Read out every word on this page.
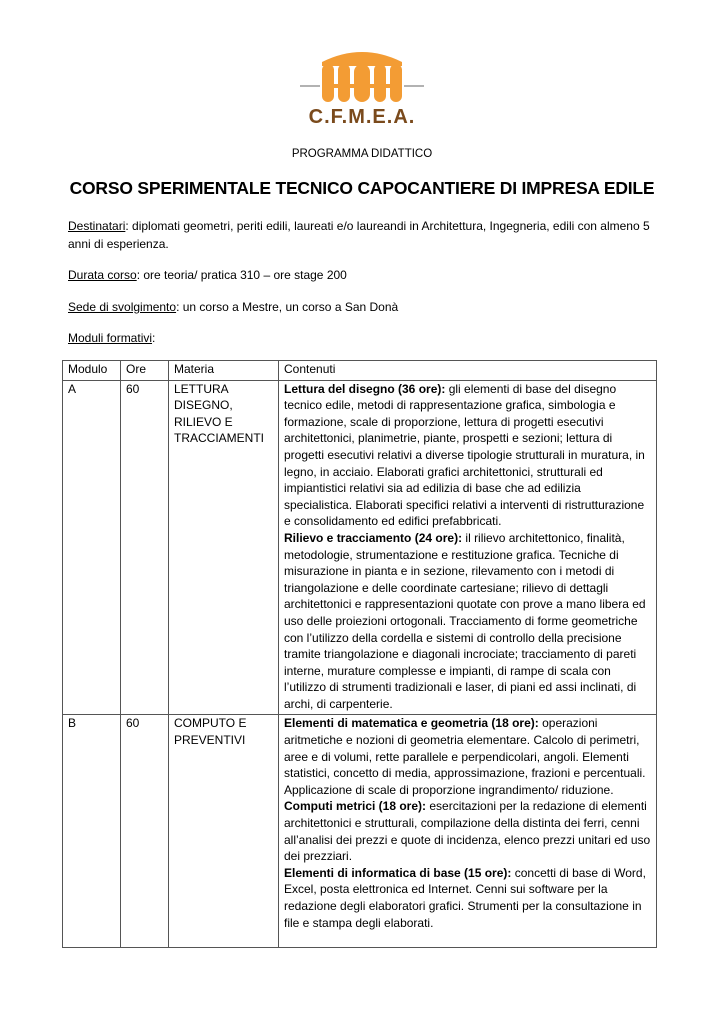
C.F.M.E.A.
PROGRAMMA DIDATTICO
CORSO SPERIMENTALE TECNICO CAPOCANTIERE DI IMPRESA EDILE
Destinatari: diplomati geometri, periti edili, laureati e/o laureandi in Architettura, Ingegneria, edili con almeno 5 anni di esperienza.
Durata corso: ore teoria/ pratica 310 – ore stage 200
Sede di svolgimento: un corso a Mestre, un corso a San Donà
Moduli formativi:
Modulo	Ore	Materia	Contenuti
A	60	LETTURA DISEGNO, RILIEVO E TRACCIAMENTI	Lettura del disegno (36 ore): gli elementi di base del disegno tecnico edile, metodi di rappresentazione grafica, simbologia e formazione, scale di proporzione, lettura di progetti esecutivi architettonici, planimetrie, piante, prospetti e sezioni; lettura di progetti esecutivi relativi a diverse tipologie strutturali in muratura, in legno, in acciaio. Elaborati grafici architettonici, strutturali ed impiantistici relativi sia ad edilizia di base che ad edilizia specialistica. Elaborati specifici relativi a interventi di ristrutturazione e consolidamento ed edifici prefabbricati.
Rilievo e tracciamento (24 ore): il rilievo architettonico, finalità, metodologie, strumentazione e restituzione grafica. Tecniche di misurazione in pianta e in sezione, rilevamento con i metodi di triangolazione e delle coordinate cartesiane; rilievo di dettagli architettonici e rappresentazioni quotate con prove a mano libera ed uso delle proiezioni ortogonali. Tracciamento di forme geometriche con l’utilizzo della cordella e sistemi di controllo della precisione tramite triangolazione e diagonali incrociate; tracciamento di pareti interne, murature complesse e impianti, di rampe di scala con l’utilizzo di strumenti tradizionali e laser, di piani ed assi inclinati, di archi, di carpenterie.
B	60	COMPUTO E PREVENTIVI	Elementi di matematica e geometria (18 ore): operazioni aritmetiche e nozioni di geometria elementare. Calcolo di perimetri, aree e di volumi, rette parallele e perpendicolari, angoli. Elementi statistici, concetto di media, approssimazione, frazioni e percentuali. Applicazione di scale di proporzione ingrandimento/ riduzione.
Computi metrici (18 ore): esercitazioni per la redazione di elementi architettonici e strutturali, compilazione della distinta dei ferri, cenni all’analisi dei prezzi e quote di incidenza, elenco prezzi unitari ed uso dei prezziari.
Elementi di informatica di base (15 ore): concetti di base di Word, Excel, posta elettronica ed Internet. Cenni sui software per la redazione degli elaboratori grafici. Strumenti per la consultazione in file e stampa degli elaborati.
